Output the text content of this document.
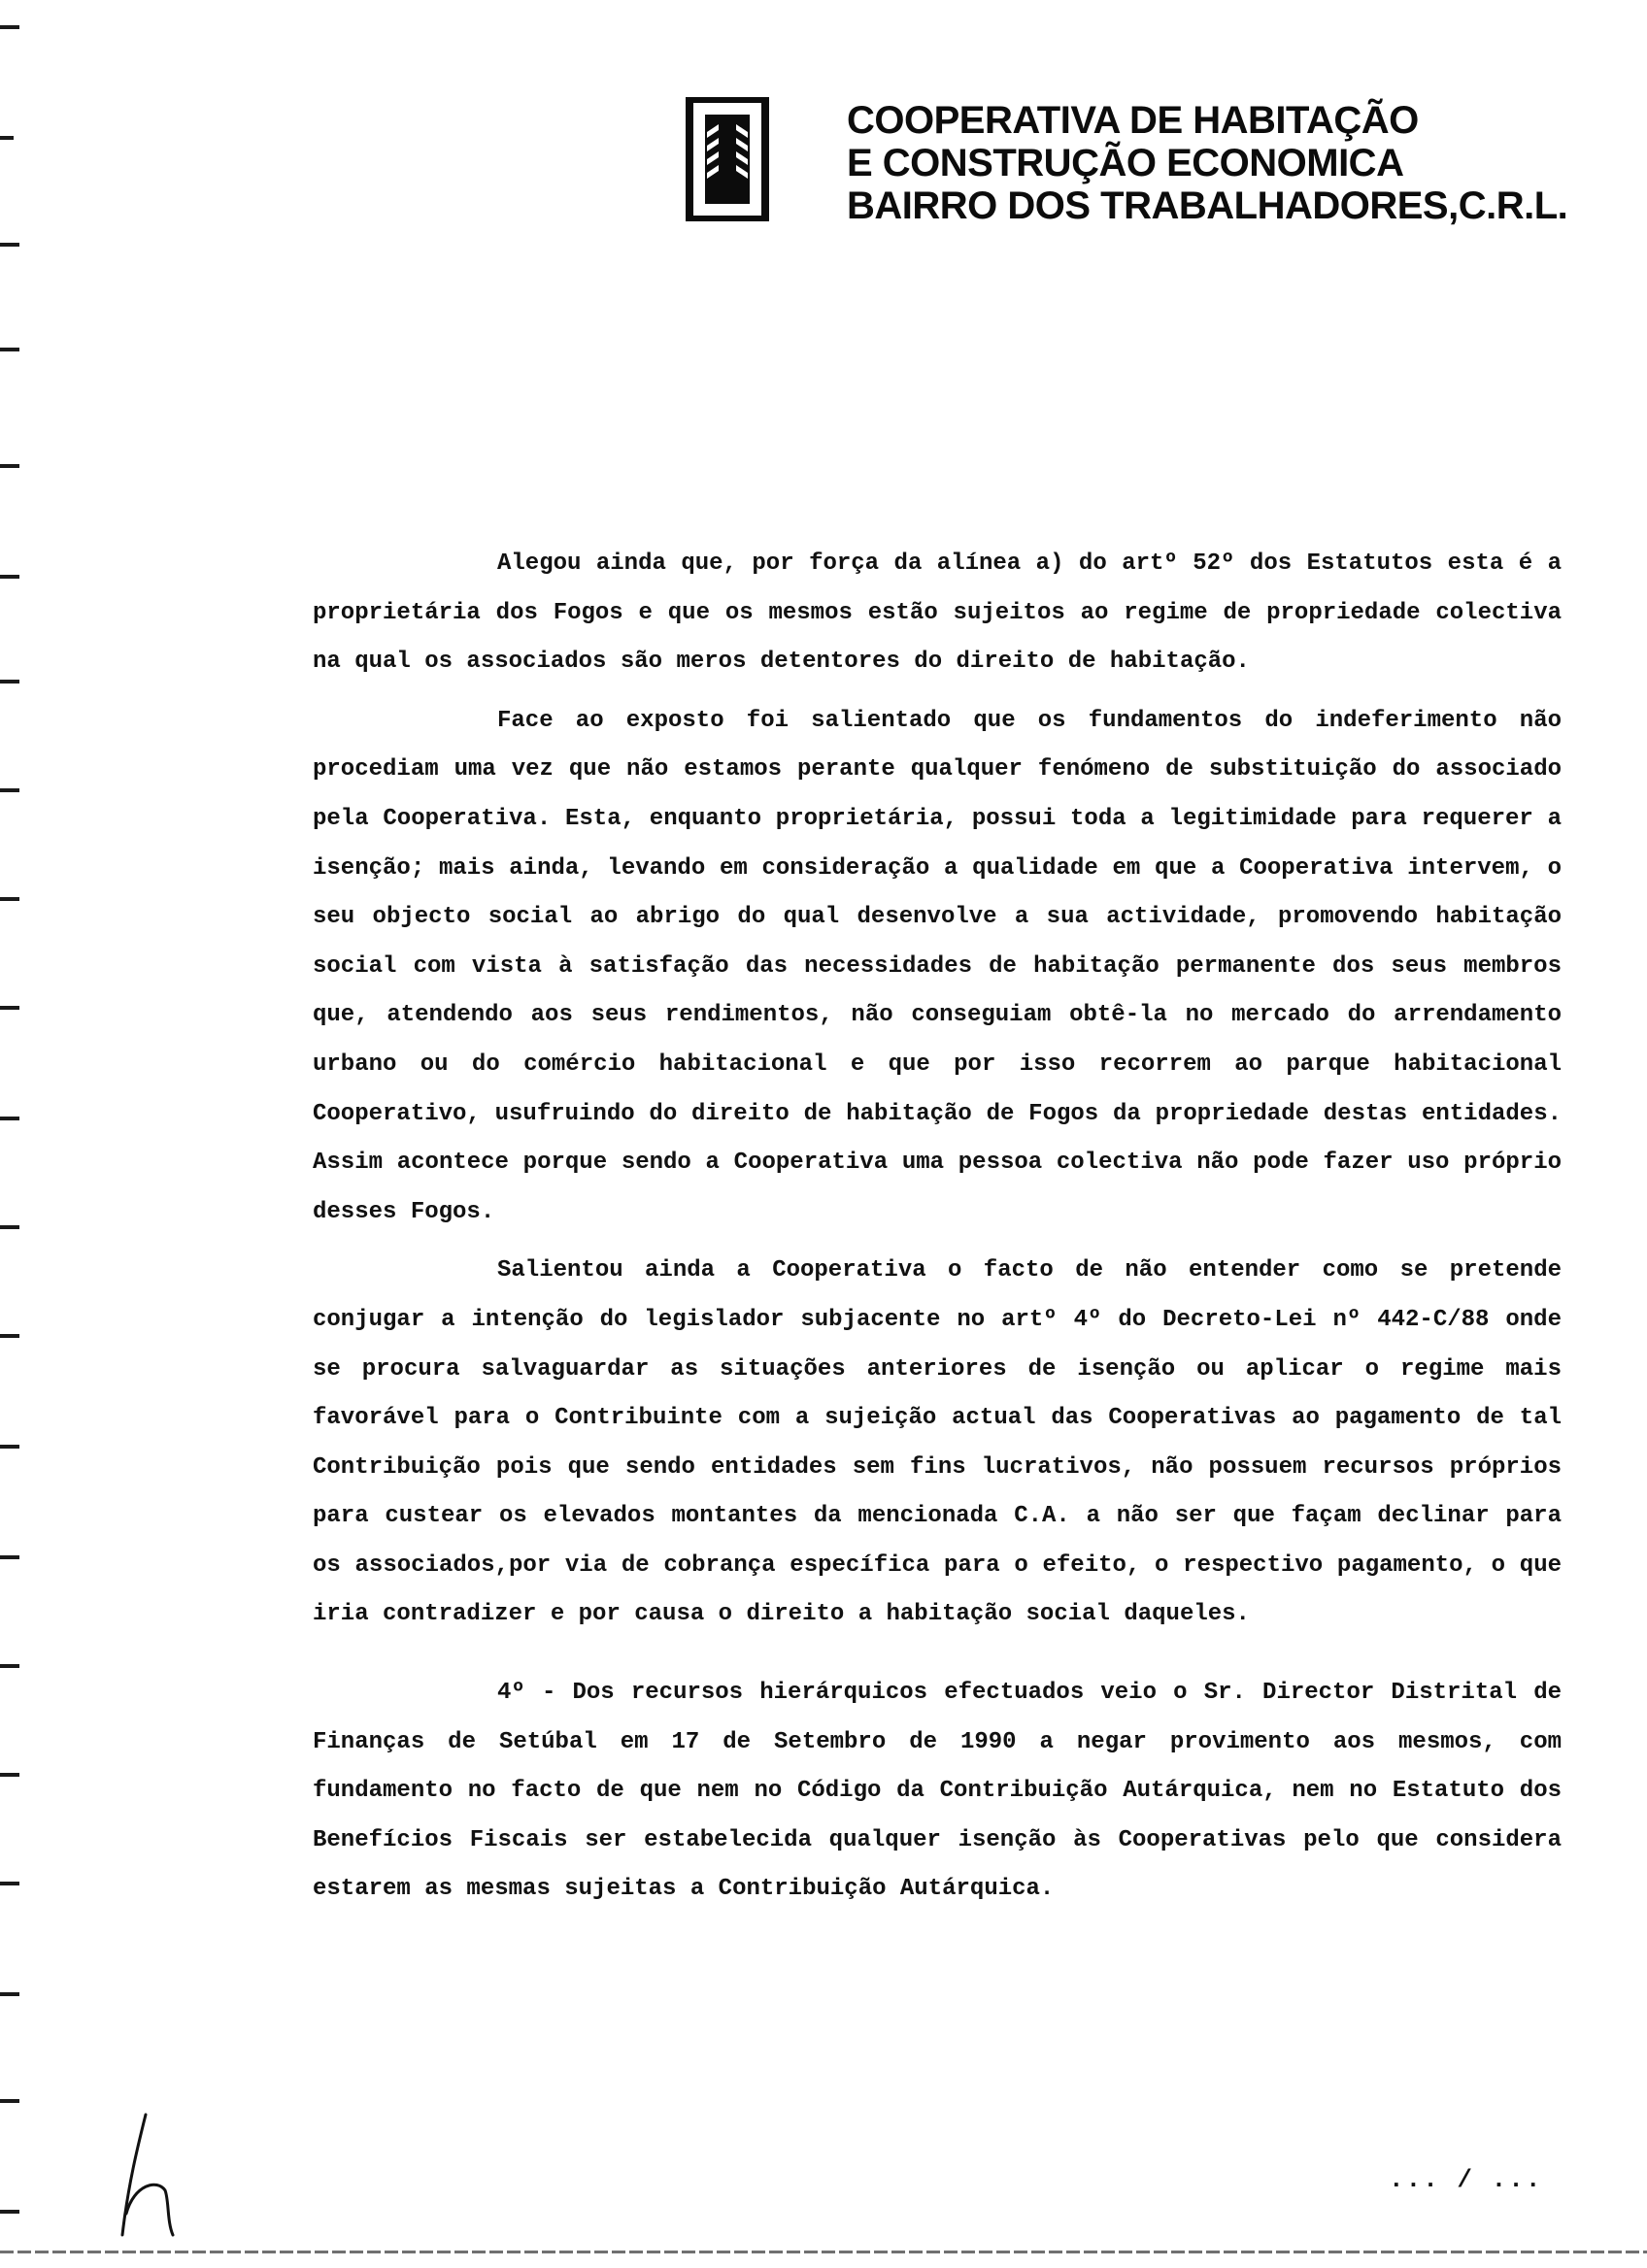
COOPERATIVA DE HABITAÇÃO
E CONSTRUÇÃO ECONOMICA
BAIRRO DOS TRABALHADORES,C.R.L.

Alegou ainda que, por força da alínea a) do artº 52º dos Estatutos esta é a proprietária dos Fogos e que os mesmos estão sujeitos ao regime de propriedade colectiva na qual os associados são meros detentores do direito de habitação.

Face ao exposto foi salientado que os fundamentos do indeferimento não procediam uma vez que não estamos perante qualquer fenómeno de substituição do associado pela Cooperativa. Esta, enquanto proprietária, possui toda a legitimidade para requerer a isenção; mais ainda, levando em consideração a qualidade em que a Cooperativa intervem, o seu objecto social ao abrigo do qual desenvolve a sua actividade, promovendo habitação social com vista à satisfação das necessidades de habitação permanente dos seus membros que, atendendo aos seus rendimentos, não conseguiam obtê-la no mercado do arrendamento urbano ou do comércio habitacional e que por isso recorrem ao parque habitacional Cooperativo, usufruindo do direito de habitação de Fogos da propriedade destas entidades. Assim acontece porque sendo a Cooperativa uma pessoa colectiva não pode fazer uso próprio desses Fogos.

Salientou ainda a Cooperativa o facto de não entender como se pretende conjugar a intenção do legislador subjacente no artº 4º do Decreto-Lei nº 442-C/88 onde se procura salvaguardar as situações anteriores de isenção ou aplicar o regime mais favorável para o Contribuinte com a sujeição actual das Cooperativas ao pagamento de tal Contribuição pois que sendo entidades sem fins lucrativos, não possuem recursos próprios para custear os elevados montantes da mencionada C.A. a não ser que façam declinar para os associados,por via de cobrança específica para o efeito, o respectivo pagamento, o que iria contradizer e por causa o direito a habitação social daqueles.

4º - Dos recursos hierárquicos efectuados veio o Sr. Director Distrital de Finanças de Setúbal em 17 de Setembro de 1990 a negar provimento aos mesmos, com fundamento no facto de que nem no Código da Contribuição Autárquica, nem no Estatuto dos Benefícios Fiscais ser estabelecida qualquer isenção às Cooperativas pelo que considera estarem as mesmas sujeitas a Contribuição Autárquica.

... / ...
